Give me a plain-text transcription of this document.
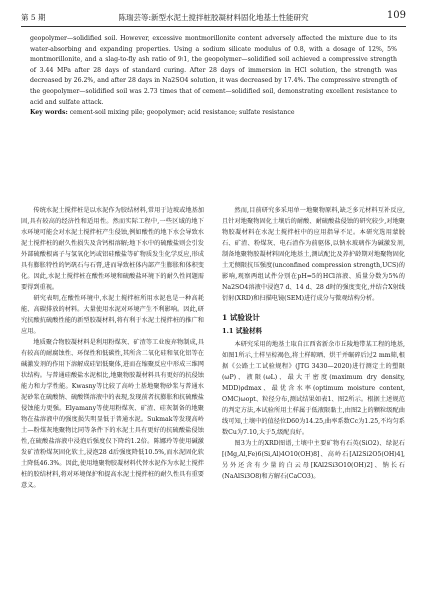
第 5 期	陈瑞芸等:新型水泥土搅拌桩胶凝材料固化地基土性能研究	109

geopolymer—solidified soil. However, excessive montmorillonite content adversely affected the mixture due to its water-absorbing and expanding properties. Using a sodium silicate modulus of 0.8, with a dosage of 12%, 5% montmorillonite, and a slag-to-fly ash ratio of 9∶1, the geopolymer—solidified soil achieved a compressive strength of 3.44 MPa after 28 days of standard curing. After 28 days of immersion in HCl solution, the strength was decreased by 26.2%, and after 28 days in Na2SO4 solution, it was decreased by 17.4%. The compressive strength of the geopolymer—solidified soil was 2.73 times that of cement—solidified soil, demonstrating excellent resistance to acid and sulfate attack.

Key words: cement-soil mixing pile; geopolymer; acid resistance; sulfate resistance

传统水泥土搅拌桩是以水泥作为胶结材料,常用于边坡或地基加固,具有较高的经济性和适用性。然而实际工程中,一些区域的地下水环境可能会对水泥土搅拌桩产生侵蚀,例如酸性的地下水会导致水泥土搅拌桩的耐久性损失及含钙相溶解;地下水中的硫酸盐则会引发外部硫酸根离子与氢氧化钙或铝硅酸盐等矿物质发生化学反应,形成具有膨胀特性的钙矾石与石膏,进而导致桩体内部产生膨胀和体积变化。因此,水泥土搅拌桩在酸性环境和硫酸盐环境下的耐久性问题需要得到重视。

研究表明,在酸性环境中,水泥土搅拌桩所用水泥也是一种高耗能、高碳排放的材料。大量使用水泥对环境产生不利影响。因此,研究抗酸抗硫酸性能的新型胶凝材料,将有利于水泥土搅拌桩的推广和应用。

地质聚合物胶凝材料是利用粉煤灰、矿渣等工业废弃物制成,具有较高的耐腐蚀性、环保性和低碳性,其所含二氧化硅和氧化铝等在碱激发剂的作用下溶解成硅铝低聚体,进而在缩聚反应中形成三维网状结构。与普通硅酸盐水泥相比,地聚物胶凝材料具有更好的抗侵蚀能力和力学性能。Kwasny等比较了高岭土基地聚物砂浆与普通水泥砂浆在硫酸钠、硫酸镁溶液中的表现,发现前者抗膨胀和抗硫酸盐侵蚀能力更强。Elyamany等使用粉煤灰、矿渣、硅灰制备的地聚物在盐溶液中的强度损失明显低于普通水泥。Sukmak等发现高岭土—粉煤灰地聚物比同等条件下的水泥土具有更好的抗硫酸盐侵蚀性,在硫酸盐溶液中浸泡后强度仅下降约1.2倍。陈娜玲等使用碱激发矿渣粉煤灰固化软土,浸泡28 d后强度降低10.5%,而水泥固化软土降低46.3%。因此,使用地聚物胶凝材料代替水泥作为水泥土搅拌桩的胶结材料,将对环境保护和提高水泥土搅拌桩的耐久性具有重要意义。

然而,目前研究多采用单一地聚物原料,缺乏多元材料互补反应,且针对地聚物固化土壤后的耐酸、耐硫酸盐侵蚀的研究较少,对地聚物胶凝材料在水泥土搅拌桩中的应用指导不足。本研究选用蒙脱石、矿渣、粉煤灰、电石渣作为前驱体,以钠水玻璃作为碱激发剂,制备地聚物胶凝材料固化地基土,测试配比及养护龄期对地聚物固化土无侧限抗压强度(unconfined compression strength,UCS)的影响,观察两组试件分别在pH=5的HCl溶液、质量分数为5%的Na2SO4溶液中浸泡7 d、14 d、28 d时的强度变化,并结合X射线衍射(XRD)和扫描电镜(SEM)进行成分与微观结构分析。

1 试验设计
1.1 试验材料

本研究采用的地基土取自江西省新余市丘陵地带某工程的地基,如图1所示,土样呈棕褐色,将土样晾晒、烘干并碾碎后过2 mm筛,根据《公路土工试验规程》(JTG 3430—2020)进行测定土的塑限(ωP)、液限(ωL)、最大干密度(maximum dry density, MDD)ρdmax、最优含水率(optimum moisture content, OMC)ωopt、粒径分布,测试结果如表1、图2所示。根据土述规范的判定方法,本试验所用土样属于低液限黏土,由图2上的颗粒级配曲线可知,土壤中的值径位D60为14.25,曲率系数Cc为1.25,不均匀系数Cu为7.10,大于5,级配良好。

图3为土的XRD图谱,土壤中主要矿物有石英(SiO2)、绿泥石[(Mg,Al,Fe)6(Si,Al)4O10(OH)8]、高岭石[Al2Si2O5(OH)4],另外还含有少量的白云母[KAl2Si3O10(OH)2]、钠长石(NaAlSi3O8)和方解石(CaCO3)。
